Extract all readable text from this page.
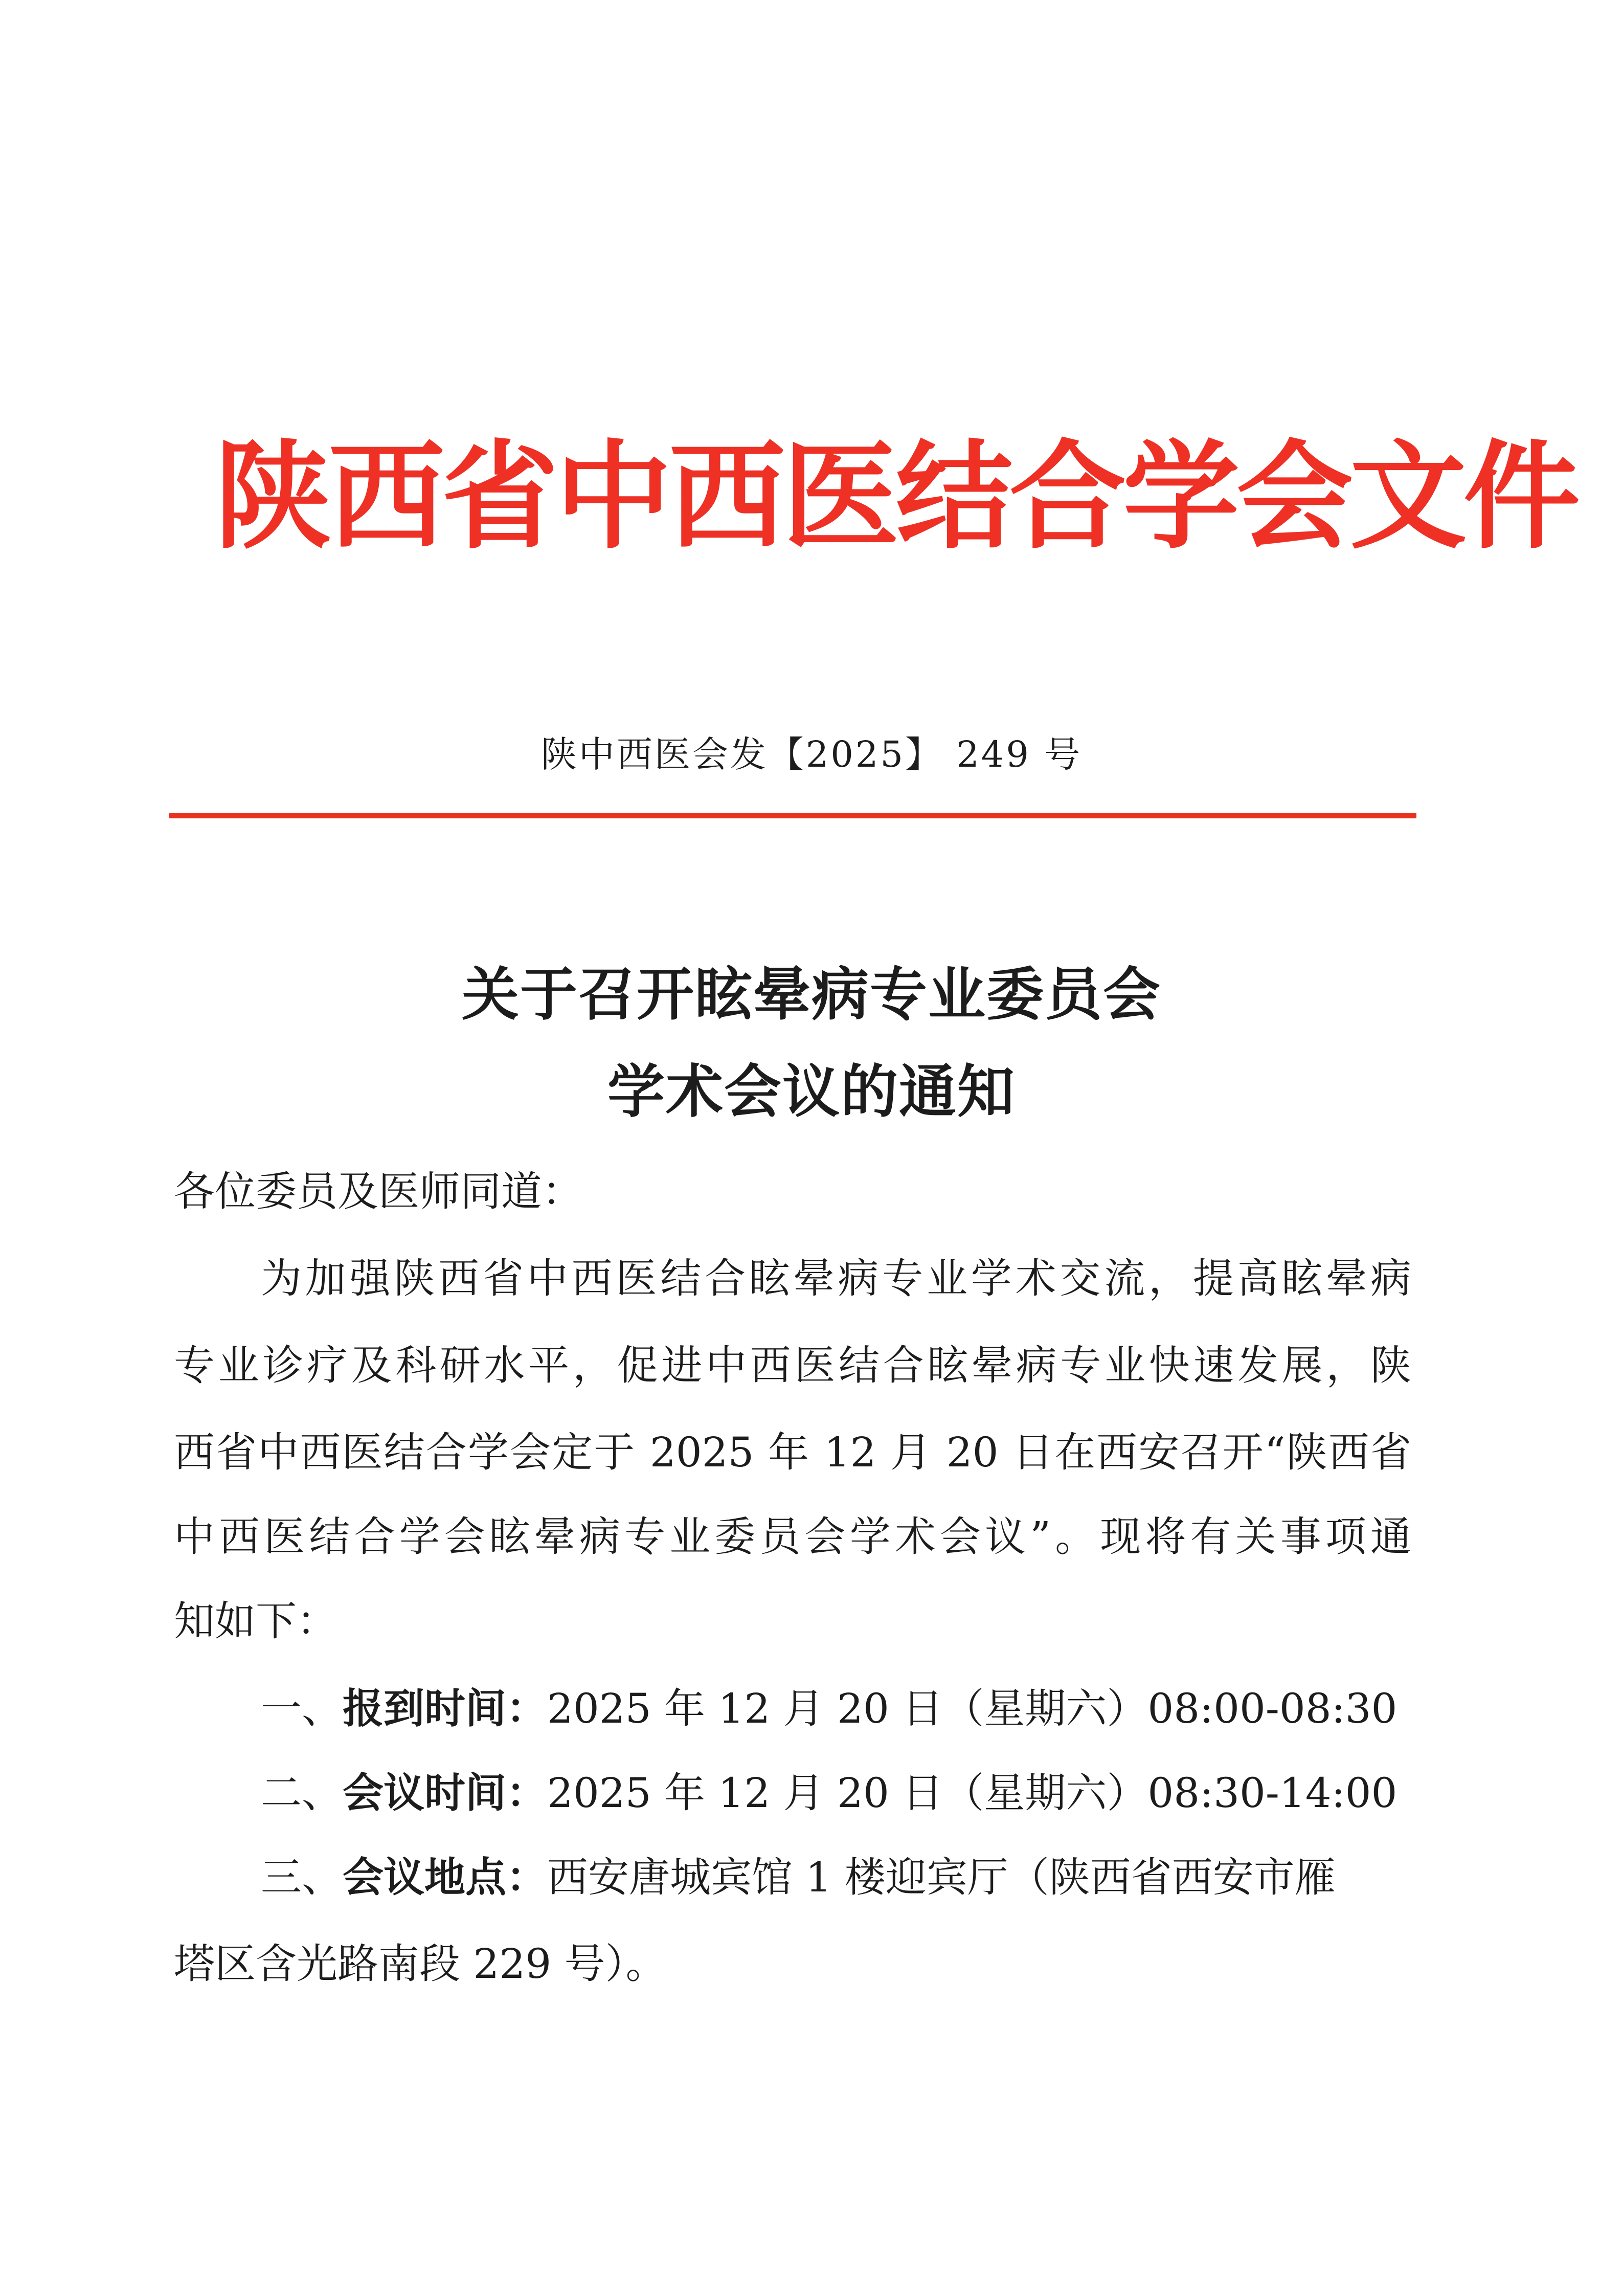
陕西省中西医结合学会文件
陕中西医会发【2025】 249 号
关于召开眩晕病专业委员会
学术会议的通知
各位委员及医师同道：
为加强陕西省中西医结合眩晕病专业学术交流，提高眩晕病
专业诊疗及科研水平，促进中西医结合眩晕病专业快速发展，陕
西省中西医结合学会定于 2025 年 12 月 20 日在西安召开“陕西省
中西医结合学会眩晕病专业委员会学术会议”。现将有关事项通
知如下：
一、报到时间：2025 年 12 月 20 日（星期六）08:00-08:30
二、会议时间：2025 年 12 月 20 日（星期六）08:30-14:00
三、会议地点：西安唐城宾馆 1 楼迎宾厅（陕西省西安市雁
塔区含光路南段 229 号）。
